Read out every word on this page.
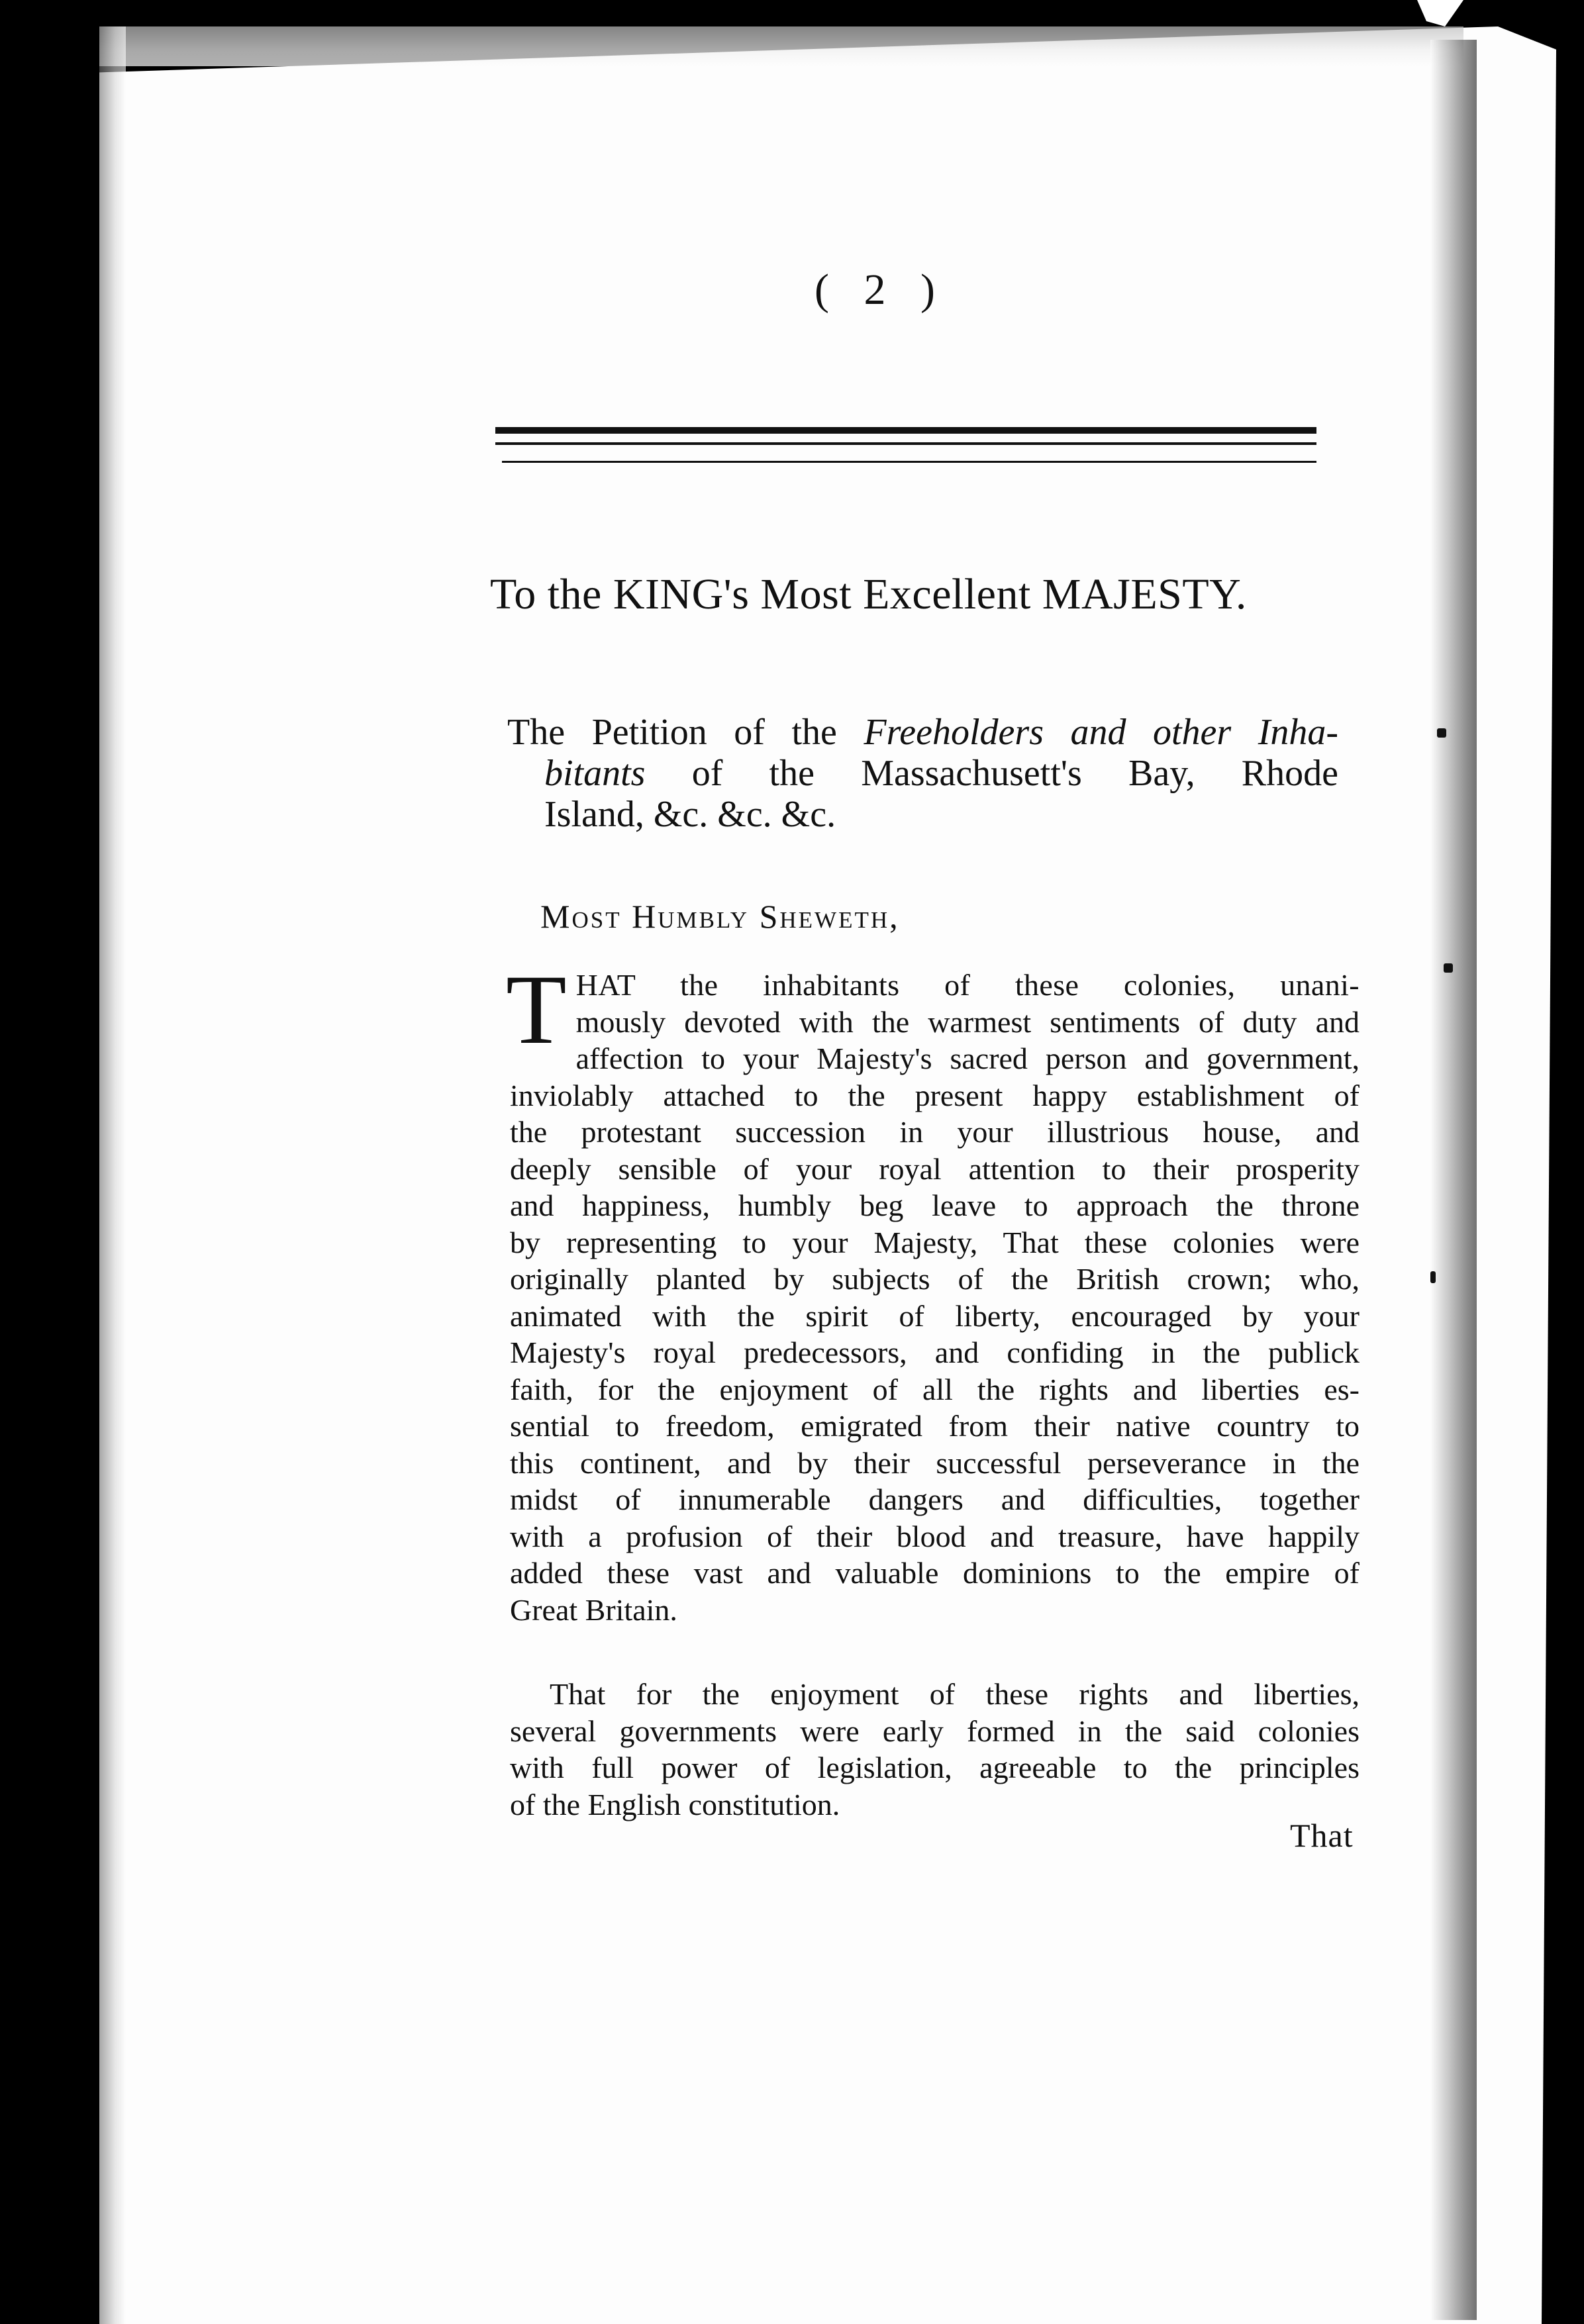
( 2 )
To the KING's Most Excellent MAJESTY.
The Petition of the Freeholders and other Inha-
bitants of the Massachusett's Bay, Rhode
Island, &c. &c. &c.
Most Humbly Sheweth,
T HAT the inhabitants of these colonies, unani-
mously devoted with the warmest sentiments of duty and
affection to your Majesty's sacred person and government,
inviolably attached to the present happy establishment of
the protestant succession in your illustrious house, and
deeply sensible of your royal attention to their prosperity
and happiness, humbly beg leave to approach the throne
by representing to your Majesty, That these colonies were
originally planted by subjects of the British crown; who,
animated with the spirit of liberty, encouraged by your
Majesty's royal predecessors, and confiding in the publick
faith, for the enjoyment of all the rights and liberties es-
sential to freedom, emigrated from their native country to
this continent, and by their successful perseverance in the
midst of innumerable dangers and difficulties, together
with a profusion of their blood and treasure, have happily
added these vast and valuable dominions to the empire of
Great Britain.
That for the enjoyment of these rights and liberties,
several governments were early formed in the said colonies
with full power of legislation, agreeable to the principles
of the English constitution.
That
